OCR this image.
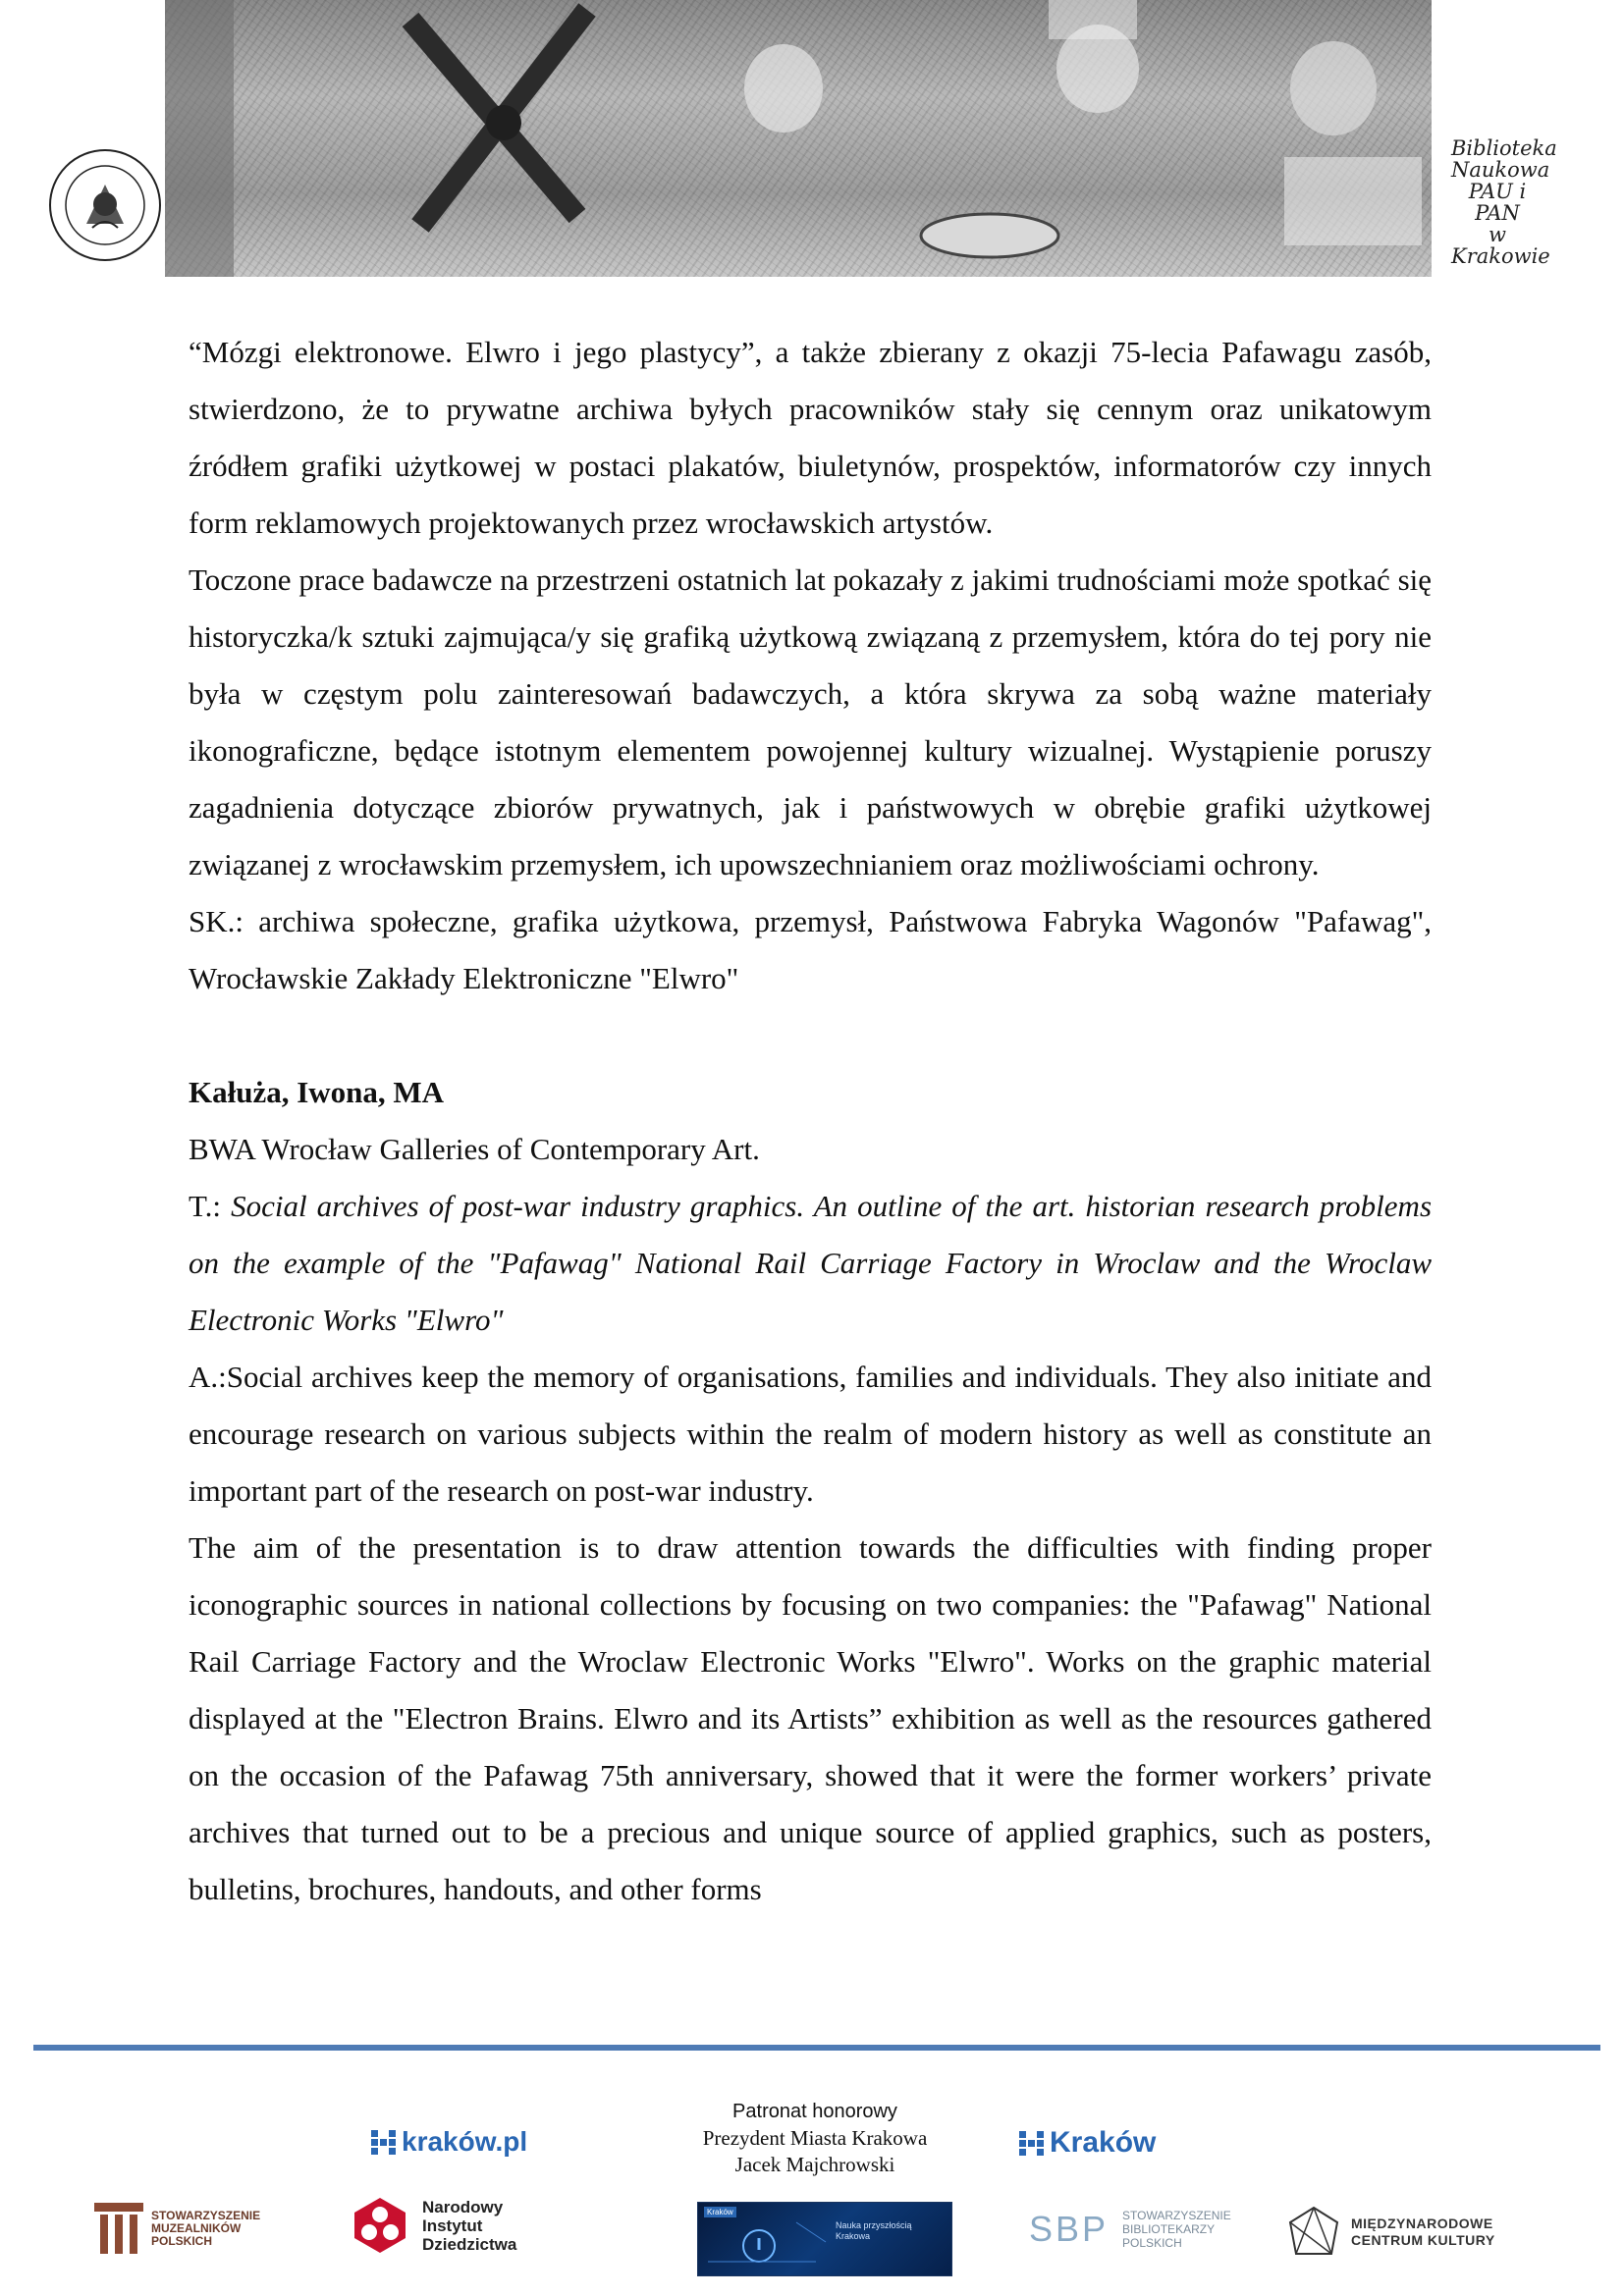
Biblioteka
Naukowa
PAU i PAN
w Krakowie

“Mózgi elektronowe. Elwro i jego plastycy”, a także zbierany z okazji 75-lecia Pafawagu zasób, stwierdzono, że to prywatne archiwa byłych pracowników stały się cennym oraz unikatowym źródłem grafiki użytkowej w postaci plakatów, biuletynów, prospektów, informatorów czy innych form reklamowych projektowanych przez wrocławskich artystów.

Toczone prace badawcze na przestrzeni ostatnich lat pokazały z jakimi trudnościami może spotkać się historyczka/k sztuki zajmująca/y się grafiką użytkową związaną z przemysłem, która do tej pory nie była w częstym polu zainteresowań badawczych, a która skrywa za sobą ważne materiały ikonograficzne, będące istotnym elementem powojennej kultury wizualnej. Wystąpienie poruszy zagadnienia dotyczące zbiorów prywatnych, jak i państwowych w obrębie grafiki użytkowej związanej z wrocławskim przemysłem, ich upowszechnianiem oraz możliwościami ochrony.

SK.: archiwa społeczne, grafika użytkowa, przemysł, Państwowa Fabryka Wagonów "Pafawag", Wrocławskie Zakłady Elektroniczne "Elwro"

Kałuża, Iwona, MA

BWA Wrocław Galleries of Contemporary Art.

T.: Social archives of post-war industry graphics. An outline of the art. historian research problems on the example of the "Pafawag" National Rail Carriage Factory in Wroclaw and the Wroclaw Electronic Works "Elwro"

A.:Social archives keep the memory of organisations, families and individuals. They also initiate and encourage research on various subjects within the realm of modern history as well as constitute an important part of the research on post-war industry.

The aim of the presentation is to draw attention towards the difficulties with finding proper iconographic sources in national collections by focusing on two companies: the "Pafawag" National Rail Carriage Factory and the Wroclaw Electronic Works "Elwro". Works on the graphic material displayed at the "Electron Brains. Elwro and its Artists” exhibition as well as the resources gathered on the occasion of the Pafawag 75th anniversary, showed that it were the former workers’ private archives that turned out to be a precious and unique source of applied graphics, such as posters, bulletins, brochures, handouts, and other forms

Patronat honorowy
Prezydent Miasta Krakowa
Jacek Majchrowski
kraków.pl	Kraków
STOWARZYSZENIE MUZEALNIKÓW POLSKICH
Narodowy Instytut Dziedzictwa
Kraków
Nauka przyszłością Krakowa	SBP STOWARZYSZENIE BIBLIOTEKARZY POLSKICH
MIĘDZYNARODOWE CENTRUM KULTURY
